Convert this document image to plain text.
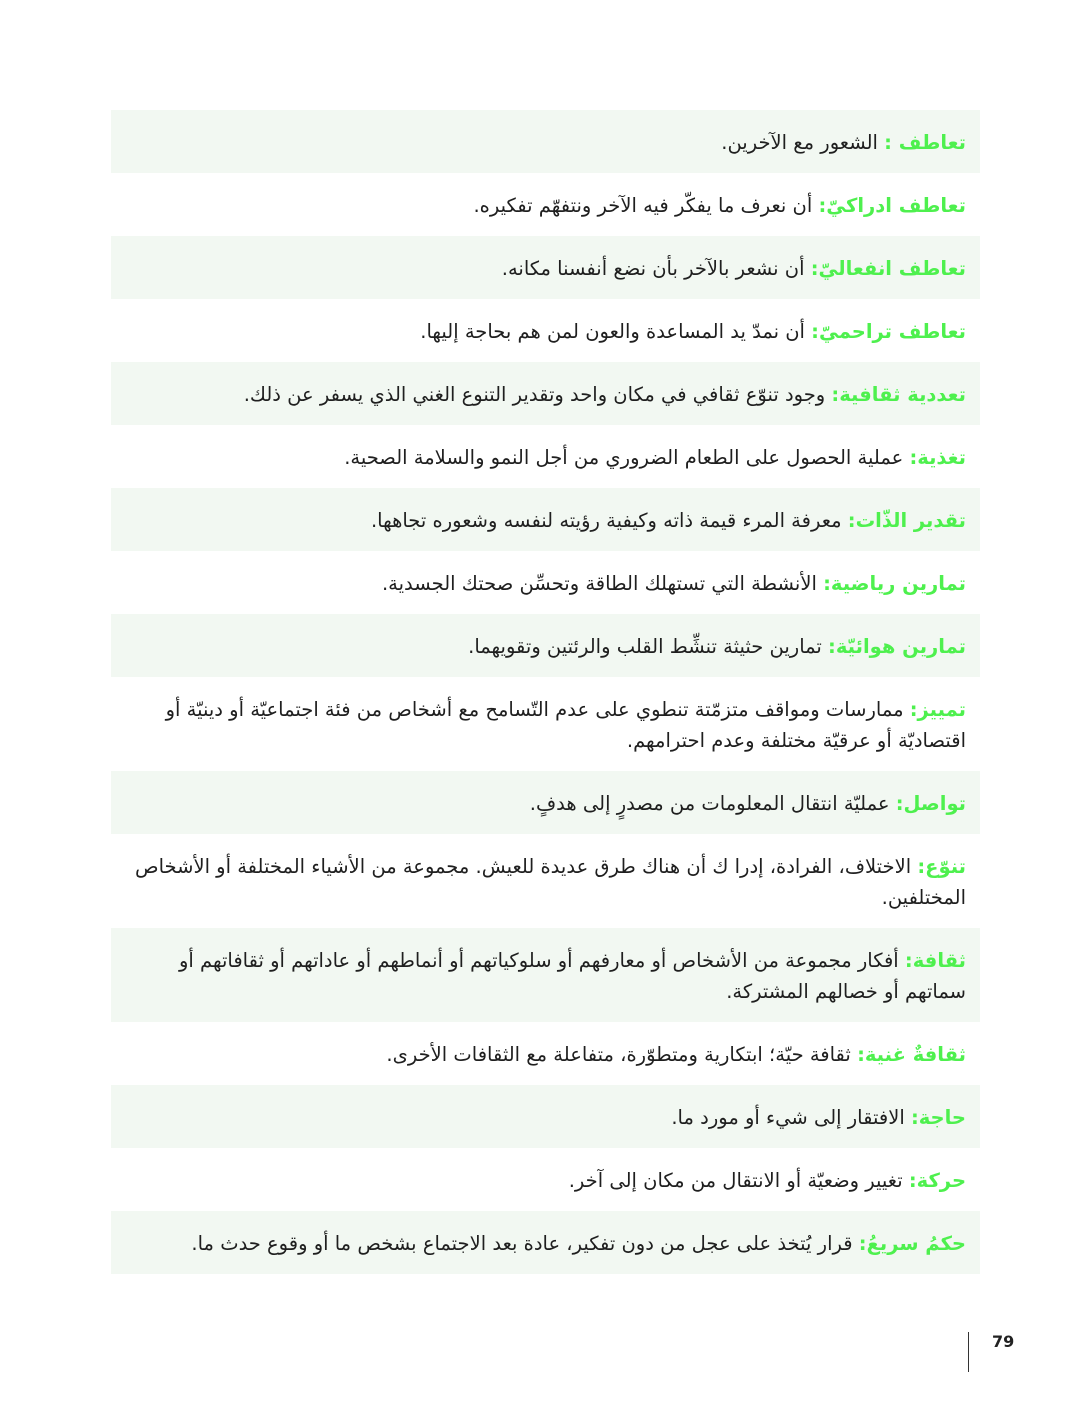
تعاطف : الشعور مع الآخرين.
تعاطف ادراكيّ: أن نعرف ما يفكّر فيه الآخر ونتفهّم تفكيره.
تعاطف انفعاليّ: أن نشعر بالآخر بأن نضع أنفسنا مكانه.
تعاطف تراحميّ: أن نمدّ يد المساعدة والعون لمن هم بحاجة إليها.
تعددية ثقافية: وجود تنوّع ثقافي في مكان واحد وتقدير التنوع الغني الذي يسفر عن ذلك.
تغذية: عملية الحصول على الطعام الضروري من أجل النمو والسلامة الصحية.
تقدير الذّات: معرفة المرء قيمة ذاته وكيفية رؤيته لنفسه وشعوره تجاهها.
تمارين رياضية: الأنشطة التي تستهلك الطاقة وتحسِّن صحتك الجسدية.
تمارين هوائيّة: تمارين حثيثة تنشِّط القلب والرئتين وتقويهما.
تمييز: ممارسات ومواقف متزمّتة تنطوي على عدم التّسامح مع أشخاص من فئة اجتماعيّة أو دينيّة أو اقتصاديّة أو عرقيّة مختلفة وعدم احترامهم.
تواصل: عمليّة انتقال المعلومات من مصدرٍ إلى هدفٍ.
تنوّع: الاختلاف، الفرادة، إدرا ك أن هناك طرق عديدة للعيش. مجموعة من الأشياء المختلفة أو الأشخاص المختلفين.
ثقافة: أفكار مجموعة من الأشخاص أو معارفهم أو سلوكياتهم أو أنماطهم أو عاداتهم أو ثقافاتهم أو سماتهم أو خصالهم المشتركة.
ثقافةٌ غنية: ثقافة حيّة؛ ابتكارية ومتطوّرة، متفاعلة مع الثقافات الأخرى.
حاجة: الافتقار إلى شيء أو مورد ما.
حركة: تغيير وضعيّة أو الانتقال من مكان إلى آخر.
حكمُ سريعُ: قرار يُتخذ على عجل من دون تفكير، عادة بعد الاجتماع بشخص ما أو وقوع حدث ما.
79
